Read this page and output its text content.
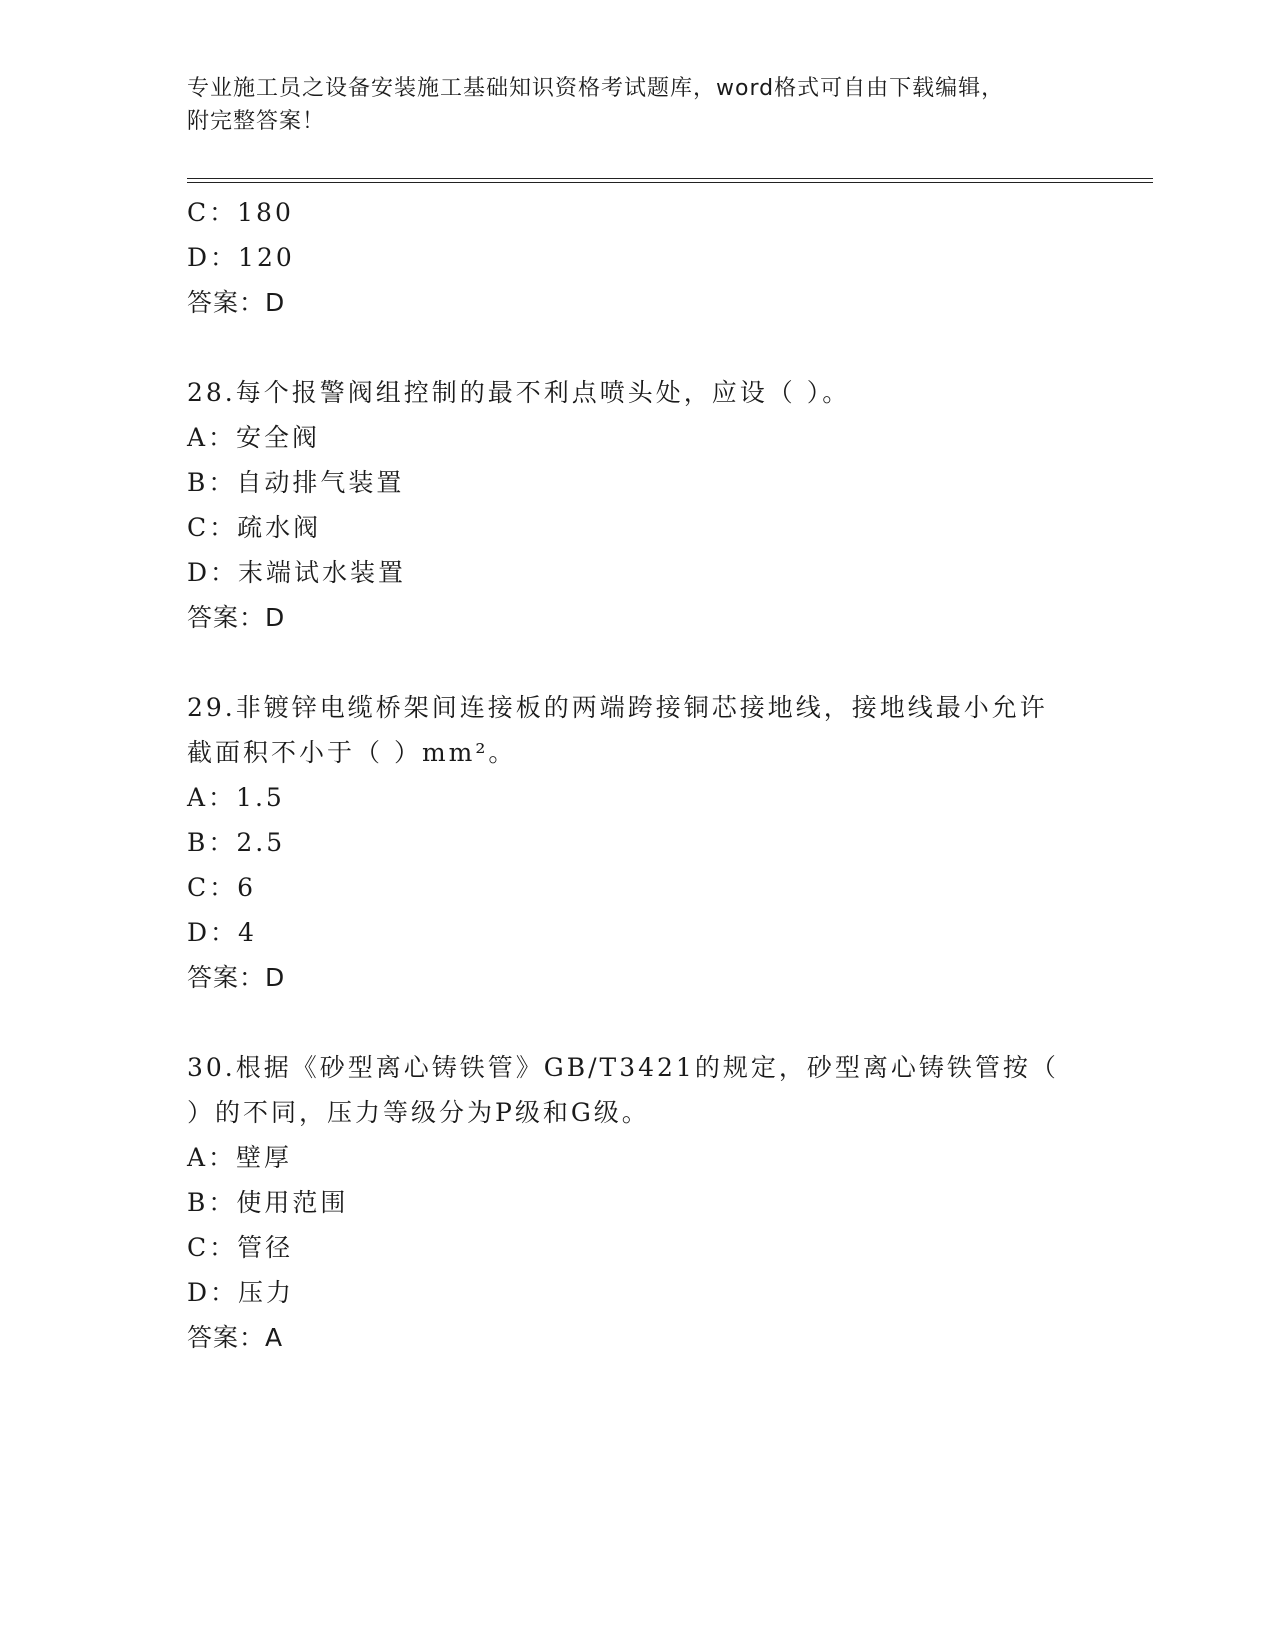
专业施工员之设备安装施工基础知识资格考试题库，word格式可自由下载编辑，
附完整答案！
C：180
D：120
答案：D
28.每个报警阀组控制的最不利点喷头处，应设（ ）。
A：安全阀
B：自动排气装置
C：疏水阀
D：末端试水装置
答案：D
29.非镀锌电缆桥架间连接板的两端跨接铜芯接地线，接地线最小允许
截面积不小于（ ）mm²。
A：1.5
B：2.5
C：6
D：4
答案：D
30.根据《砂型离心铸铁管》GB/T3421的规定，砂型离心铸铁管按（
）的不同，压力等级分为P级和G级。
A：壁厚
B：使用范围
C：管径
D：压力
答案：A
